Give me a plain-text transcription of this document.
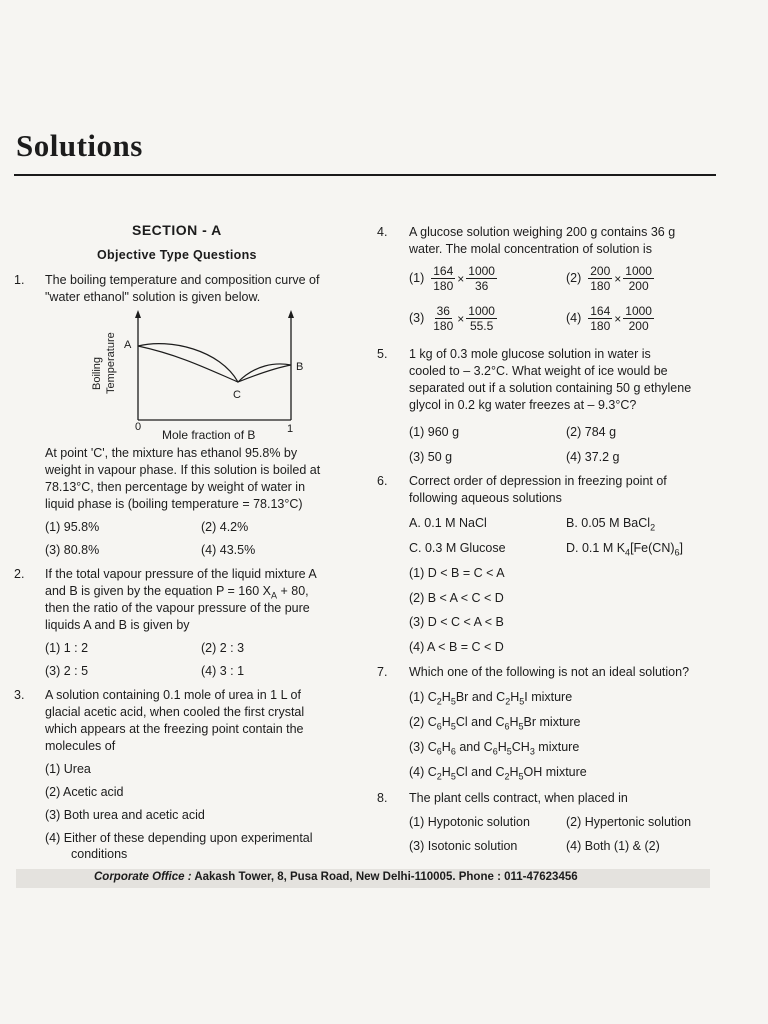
Solutions
SECTION - A
Objective Type Questions
1. The boiling temperature and composition curve of
"water ethanol" solution is given below.
A
B
C
0	1
Mole fraction of B
Boiling Temperature
At point 'C', the mixture has ethanol 95.8% by
weight in vapour phase. If this solution is boiled at
78.13°C, then percentage by weight of water in
liquid phase is (boiling temperature = 78.13°C)
(1) 95.8%	(2) 4.2%
(3) 80.8%	(4) 43.5%
2. If the total vapour pressure of the liquid mixture A
and B is given by the equation P = 160 $X_A + 80$,
then the ratio of the vapour pressure of the pure
liquids A and B is given by
(1) 1 : 2	(2) 2 : 3
(3) 2 : 5	(4) 3 : 1
3. A solution containing 0.1 mole of urea in 1 L of
glacial acetic acid, when cooled the first crystal
which appears at the freezing point contain the
molecules of
(1) Urea
(2) Acetic acid
(3) Both urea and acetic acid
(4) Either of these depending upon experimental
conditions
4. A glucose solution weighing 200 g contains 36 g
water. The molal concentration of solution is
$(1) \frac{164}{180} \times \frac{1000}{36}$	$(2) \frac{200}{180} \times \frac{1000}{200}$
$(3) \frac{36}{180} \times \frac{1000}{55.5}$	$(4) \frac{164}{180} \times \frac{1000}{200}$
5. 1 kg of 0.3 mole glucose solution in water is
cooled to – 3.2°C. What weight of ice would be
separated out if a solution containing 50 g ethylene
glycol in 0.2 kg water freezes at – 9.3°C?
(1) 960 g	(2) 784 g
(3) 50 g	(4) 37.2 g
6. Correct order of depression in freezing point of
following aqueous solutions
A. 0.1 M NaCl	B. 0.05 M BaCl$_2$
C. 0.3 M Glucose	D. 0.1 M $K_4[Fe(CN)_6]$
(1) D < B = C < A
(2) B < A < C < D
(3) D < C < A < B
(4) A < B = C < D
7. Which one of the following is not an ideal solution?
(1) $C_2H_5Br$ and $C_2H_5I$ mixture
(2) $C_6H_5Cl$ and $C_6H_5Br$ mixture
(3) $C_6H_6$ and $C_6H_5CH_3$ mixture
(4) $C_2H_5Cl$ and $C_2H_5OH$ mixture
8. The plant cells contract, when placed in
(1) Hypotonic solution	(2) Hypertonic solution
(3) Isotonic solution	(4) Both (1) & (2)
Corporate Office : Aakash Tower, 8, Pusa Road, New Delhi-110005. Phone : 011-47623456
